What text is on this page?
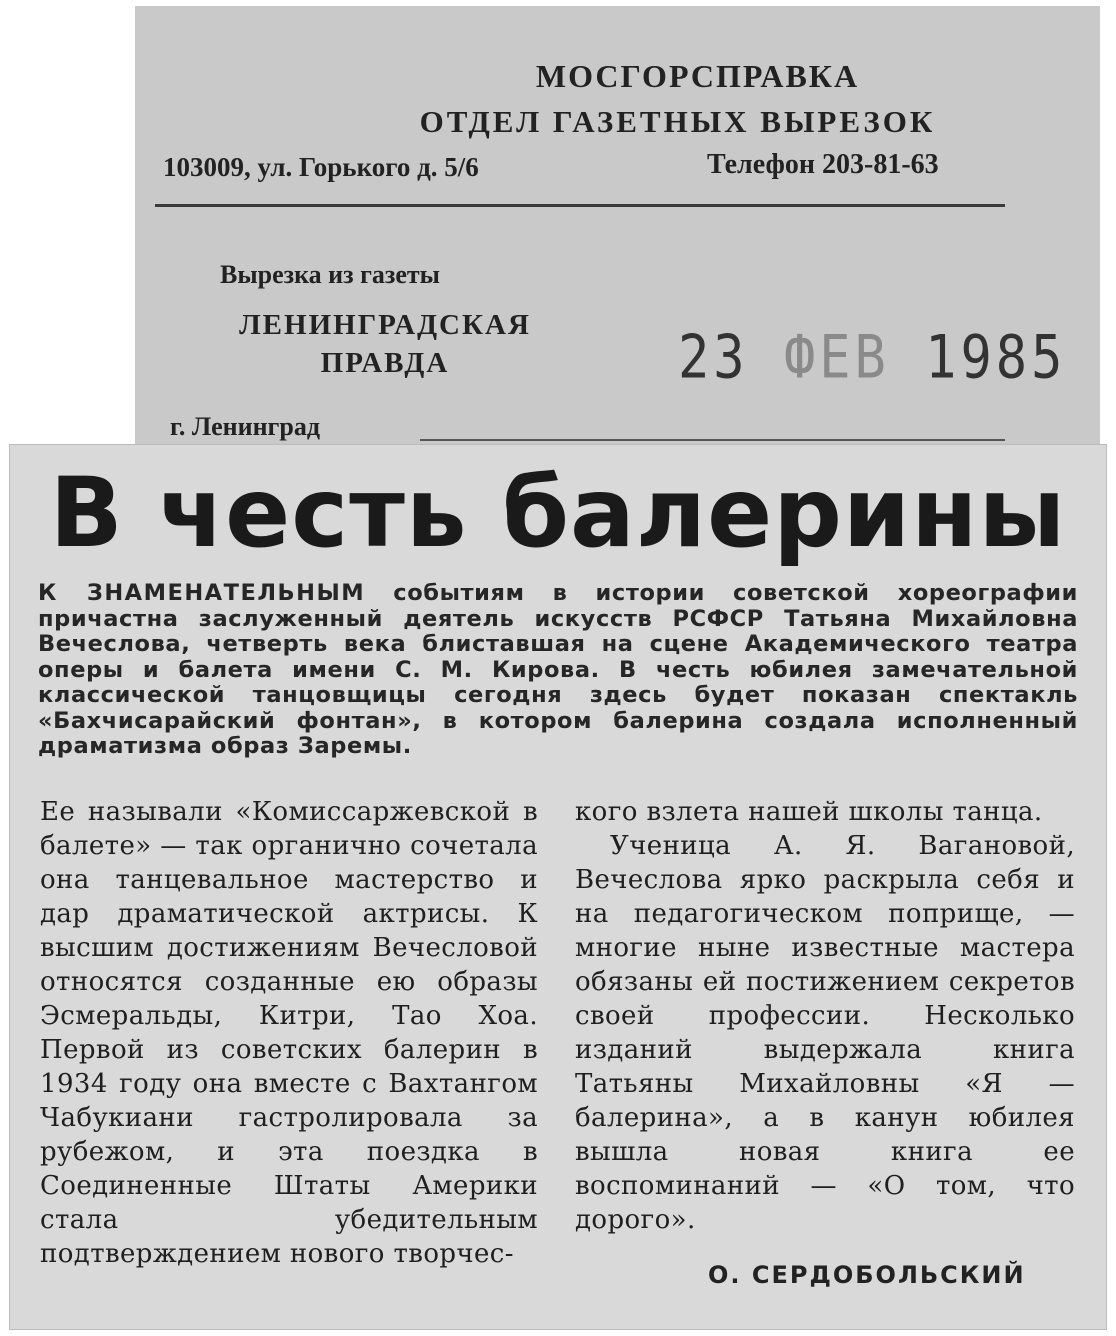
МОСГОРСПРАВКА
ОТДЕЛ ГАЗЕТНЫХ ВЫРЕЗОК
103009, ул. Горького д. 5/6	Телефон 203-81-63
Вырезка из газеты
ЛЕНИНГРАДСКАЯ ПРАВДА	23 ФЕВ 1985
г. Ленинград
В честь балерины
К ЗНАМЕНАТЕЛЬНЫМ событиям в истории советской хореографии причастна заслуженный деятель искусств РСФСР Татьяна Михайловна Вечеслова, четверть века блиставшая на сцене Академического театра оперы и балета имени С. М. Кирова. В честь юбилея замечательной классической танцовщицы сегодня здесь будет показан спектакль «Бахчисарайский фонтан», в котором балерина создала исполненный драматизма образ Заремы.

Ее называли «Комиссаржевской в балете» — так органично сочетала она танцевальное мастерство и дар драматической актрисы. К высшим достижениям Вечесловой относятся созданные ею образы Эсмеральды, Китри, Тао Хоа. Первой из советских балерин в 1934 году она вместе с Вахтангом Чабукиани гастролировала за рубежом, и эта поездка в Соединенные Штаты Америки стала убедительным подтверждением нового творчес-

кого взлета нашей школы танца.

Ученица А. Я. Вагановой, Вечеслова ярко раскрыла себя и на педагогическом поприще, — многие ныне известные мастера обязаны ей постижением секретов своей профессии. Несколько изданий выдержала книга Татьяны Михайловны «Я — балерина», а в канун юбилея вышла новая книга ее воспоминаний — «О том, что дорого».

О. СЕРДОБОЛЬСКИЙ
